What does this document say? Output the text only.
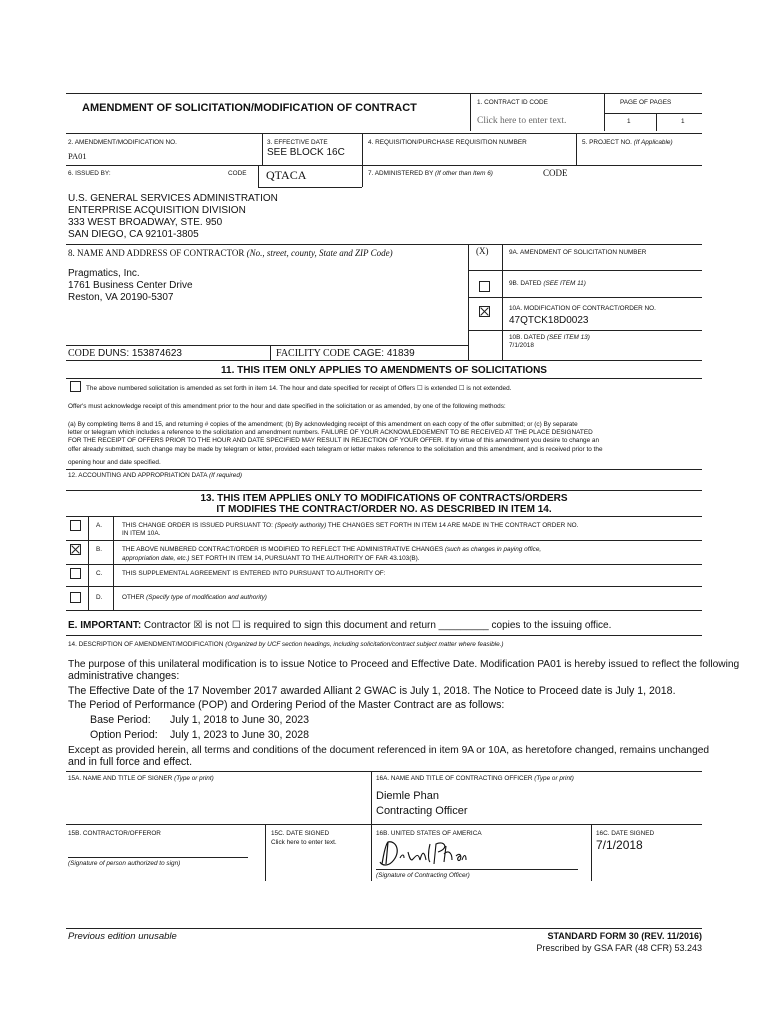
AMENDMENT OF SOLICITATION/MODIFICATION OF CONTRACT	1. CONTRACT ID CODE
Click here to enter text.
PAGE OF PAGES
1	1
2. AMENDMENT/MODIFICATION NO.
PA01
3. EFFECTIVE DATE
SEE BLOCK 16C
4. REQUISITION/PURCHASE REQUISITION NUMBER	5. PROJECT NO. (If Applicable)
6. ISSUED BY:	CODE QTACA	7. ADMINISTERED BY (If other than Item 6)	CODE
U.S. GENERAL SERVICES ADMINISTRATION
ENTERPRISE ACQUISITION DIVISION
333 WEST BROADWAY, STE. 950
SAN DIEGO, CA 92101-3805
8. NAME AND ADDRESS OF CONTRACTOR (No., street, county, State and ZIP Code)	(X)	9A. AMENDMENT OF SOLICITATION NUMBER
9B. DATED (SEE ITEM 11)
10A. MODIFICATION OF CONTRACT/ORDER NO.
47QTCK18D0023
10B. DATED (SEE ITEM 13)
7/1/2018
Pragmatics, Inc.
1761 Business Center Drive
Reston, VA 20190-5307
CODE DUNS: 153874623	FACILITY CODE CAGE: 41839
11. THIS ITEM ONLY APPLIES TO AMENDMENTS OF SOLICITATIONS
The above numbered solicitation is amended as set forth in item 14. The hour and date specified for receipt of Offers ☐ is extended ☐ is not extended.
Offer's must acknowledge receipt of this amendment prior to the hour and date specified in the solicitation or as amended, by one of the following methods:
(a) By completing Items 8 and 15, and returning # copies of the amendment; (b) By acknowledging receipt of this amendment on each copy of the offer submitted; or (c) By separate
letter or telegram which includes a reference to the solicitation and amendment numbers. FAILURE OF YOUR ACKNOWLEDGEMENT TO BE RECEIVED AT THE PLACE DESIGNATED
FOR THE RECEIPT OF OFFERS PRIOR TO THE HOUR AND DATE SPECIFIED MAY RESULT IN REJECTION OF YOUR OFFER. If by virtue of this amendment you desire to change an
offer already submitted, such change may be made by telegram or letter, provided each telegram or letter makes reference to the solicitation and this amendment, and is received prior to the
opening hour and date specified.
12. ACCOUNTING AND APPROPRIATION DATA (If required)
13. THIS ITEM APPLIES ONLY TO MODIFICATIONS OF CONTRACTS/ORDERS
IT MODIFIES THE CONTRACT/ORDER NO. AS DESCRIBED IN ITEM 14.
A.	THIS CHANGE ORDER IS ISSUED PURSUANT TO: (Specify authority) THE CHANGES SET FORTH IN ITEM 14 ARE MADE IN THE CONTRACT ORDER NO.
IN ITEM 10A.
B.	THE ABOVE NUMBERED CONTRACT/ORDER IS MODIFIED TO REFLECT THE ADMINISTRATIVE CHANGES (such as changes in paying office,
appropriation date, etc.) SET FORTH IN ITEM 14, PURSUANT TO THE AUTHORITY OF FAR 43.103(B).
C.	THIS SUPPLEMENTAL AGREEMENT IS ENTERED INTO PURSUANT TO AUTHORITY OF:
D.	OTHER (Specify type of modification and authority)
E. IMPORTANT: Contractor ☒ is not ☐ is required to sign this document and return _________ copies to the issuing office.
14. DESCRIPTION OF AMENDMENT/MODIFICATION (Organized by UCF section headings, including solicitation/contract subject matter where feasible.)
The purpose of this unilateral modification is to issue Notice to Proceed and Effective Date. Modification PA01 is hereby issued to reflect the following
administrative changes:
The Effective Date of the 17 November 2017 awarded Alliant 2 GWAC is July 1, 2018. The Notice to Proceed date is July 1, 2018.
The Period of Performance (POP) and Ordering Period of the Master Contract are as follows:
Base Period: July 1, 2018 to June 30, 2023
Option Period: July 1, 2023 to June 30, 2028
Except as provided herein, all terms and conditions of the document referenced in item 9A or 10A, as heretofore changed, remains unchanged
and in full force and effect.
15A. NAME AND TITLE OF SIGNER (Type or print)	16A. NAME AND TITLE OF CONTRACTING OFFICER (Type or print)
Diemle Phan
Contracting Officer
15B. CONTRACTOR/OFFEROR	15C. DATE SIGNED
Click here to enter text.
16B. UNITED STATES OF AMERICA	16C. DATE SIGNED
7/1/2018
(Signature of person authorized to sign)
(Signature of Contracting Officer)
Previous edition unusable	STANDARD FORM 30 (REV. 11/2016)
Prescribed by GSA FAR (48 CFR) 53.243
